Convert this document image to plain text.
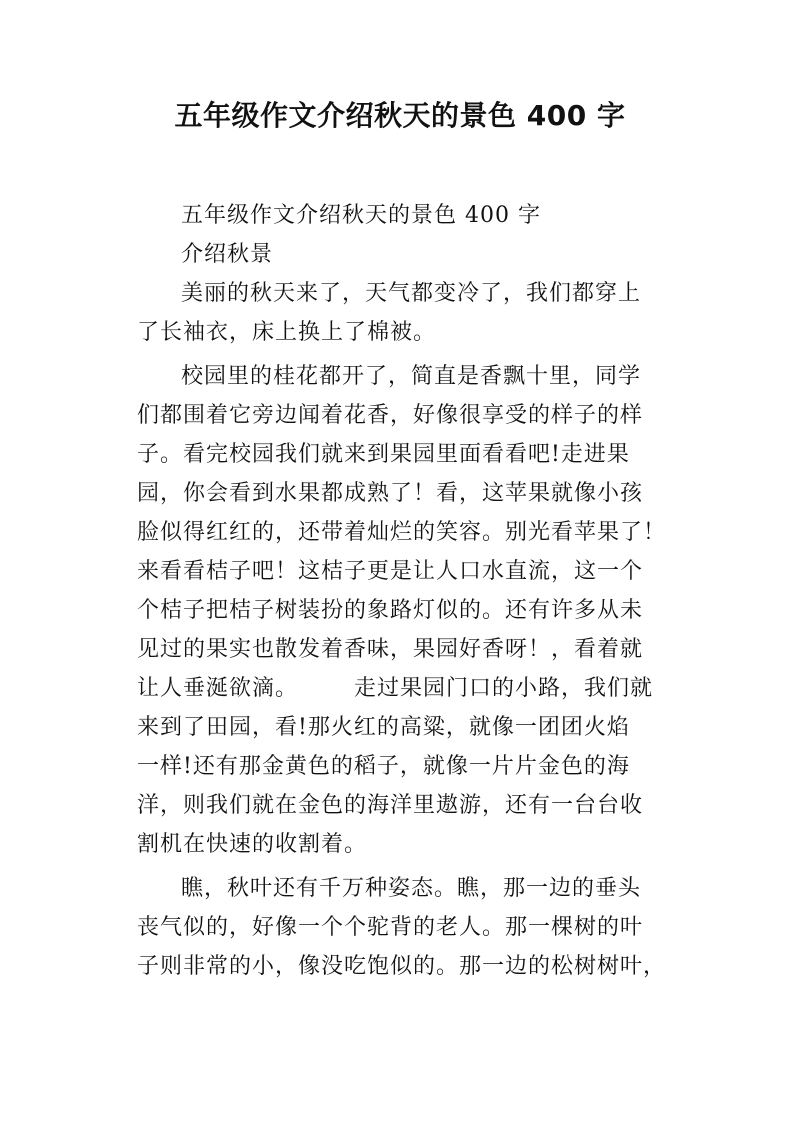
五年级作文介绍秋天的景色 400 字

五年级作文介绍秋天的景色 400 字

介绍秋景

美丽的秋天来了，天气都变冷了，我们都穿上

了长袖衣，床上换上了棉被。

校园里的桂花都开了，简直是香飘十里，同学

们都围着它旁边闻着花香，好像很享受的样子的样

子。看完校园我们就来到果园里面看看吧!走进果

园，你会看到水果都成熟了！看，这苹果就像小孩

脸似得红红的，还带着灿烂的笑容。别光看苹果了！

来看看桔子吧！这桔子更是让人口水直流，这一个

个桔子把桔子树装扮的象路灯似的。还有许多从未

见过的果实也散发着香味，果园好香呀！，看着就

让人垂涎欲滴。       走过果园门口的小路，我们就

来到了田园，看!那火红的高粱，就像一团团火焰

一样!还有那金黄色的稻子，就像一片片金色的海

洋，则我们就在金色的海洋里遨游，还有一台台收

割机在快速的收割着。

瞧，秋叶还有千万种姿态。瞧，那一边的垂头

丧气似的，好像一个个驼背的老人。那一棵树的叶

子则非常的小，像没吃饱似的。那一边的松树树叶，
